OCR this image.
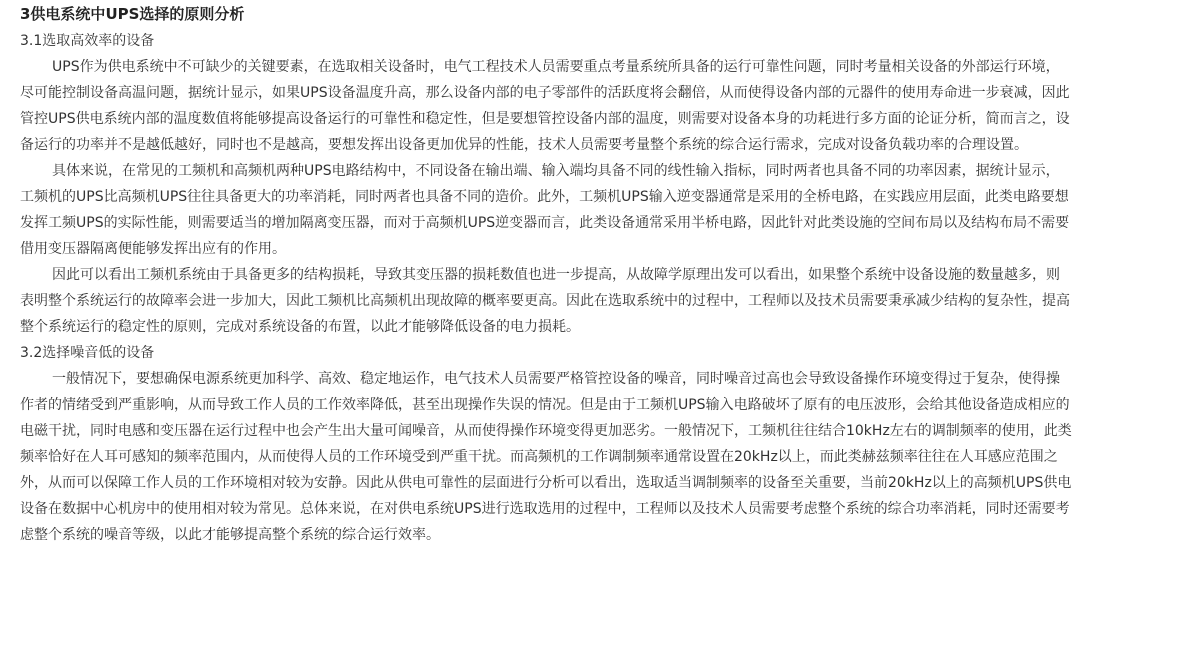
3供电系统中UPS选择的原则分析
3.1选取高效率的设备

UPS作为供电系统中不可缺少的关键要素，在选取相关设备时，电气工程技术人员需要重点考量系统所具备的运行可靠性问题，同时考量相关设备的外部运行环境，
尽可能控制设备高温问题，据统计显示，如果UPS设备温度升高，那么设备内部的电子零部件的活跃度将会翻倍，从而使得设备内部的元器件的使用寿命进一步衰减，因此
管控UPS供电系统内部的温度数值将能够提高设备运行的可靠性和稳定性，但是要想管控设备内部的温度，则需要对设备本身的功耗进行多方面的论证分析，简而言之，设
备运行的功率并不是越低越好，同时也不是越高，要想发挥出设备更加优异的性能，技术人员需要考量整个系统的综合运行需求，完成对设备负载功率的合理设置。

具体来说，在常见的工频机和高频机两种UPS电路结构中，不同设备在输出端、输入端均具备不同的线性输入指标，同时两者也具备不同的功率因素，据统计显示，
工频机的UPS比高频机UPS往往具备更大的功率消耗，同时两者也具备不同的造价。此外，工频机UPS输入逆变器通常是采用的全桥电路，在实践应用层面，此类电路要想
发挥工频UPS的实际性能，则需要适当的增加隔离变压器，而对于高频机UPS逆变器而言，此类设备通常采用半桥电路，因此针对此类设施的空间布局以及结构布局不需要
借用变压器隔离便能够发挥出应有的作用。

因此可以看出工频机系统由于具备更多的结构损耗，导致其变压器的损耗数值也进一步提高，从故障学原理出发可以看出，如果整个系统中设备设施的数量越多，则
表明整个系统运行的故障率会进一步加大，因此工频机比高频机出现故障的概率要更高。因此在选取系统中的过程中，工程师以及技术员需要秉承减少结构的复杂性，提高
整个系统运行的稳定性的原则，完成对系统设备的布置，以此才能够降低设备的电力损耗。

3.2选择噪音低的设备

一般情况下，要想确保电源系统更加科学、高效、稳定地运作，电气技术人员需要严格管控设备的噪音，同时噪音过高也会导致设备操作环境变得过于复杂，使得操
作者的情绪受到严重影响，从而导致工作人员的工作效率降低，甚至出现操作失误的情况。但是由于工频机UPS输入电路破坏了原有的电压波形，会给其他设备造成相应的
电磁干扰，同时电感和变压器在运行过程中也会产生出大量可闻噪音，从而使得操作环境变得更加恶劣。一般情况下，工频机往往结合10kHz左右的调制频率的使用，此类
频率恰好在人耳可感知的频率范围内，从而使得人员的工作环境受到严重干扰。而高频机的工作调制频率通常设置在20kHz以上，而此类赫兹频率往往在人耳感应范围之
外，从而可以保障工作人员的工作环境相对较为安静。因此从供电可靠性的层面进行分析可以看出，选取适当调制频率的设备至关重要，当前20kHz以上的高频机UPS供电
设备在数据中心机房中的使用相对较为常见。总体来说，在对供电系统UPS进行选取选用的过程中，工程师以及技术人员需要考虑整个系统的综合功率消耗，同时还需要考
虑整个系统的噪音等级，以此才能够提高整个系统的综合运行效率。
